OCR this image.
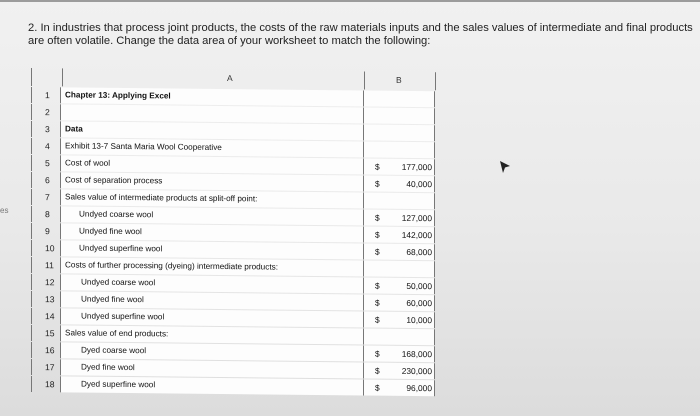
2. In industries that process joint products, the costs of the raw materials inputs and the sales values of intermediate and final products
are often volatile. Change the data area of your worksheet to match the following:
es
A	B
1	Chapter 13: Applying Excel
2
3	Data
4	Exhibit 13-7 Santa Maria Wool Cooperative
5	Cost of wool	$	177,000
6	Cost of separation process	$	40,000
7	Sales value of intermediate products at split-off point:
8	Undyed coarse wool	$	127,000
9	Undyed fine wool	$	142,000
10	Undyed superfine wool	$	68,000
11	Costs of further processing (dyeing) intermediate products:
12	Undyed coarse wool	$	50,000
13	Undyed fine wool	$	60,000
14	Undyed superfine wool	$	10,000
15	Sales value of end products:
16	Dyed coarse wool	$	168,000
17	Dyed fine wool	$	230,000
18	Dyed superfine wool	$	96,000
